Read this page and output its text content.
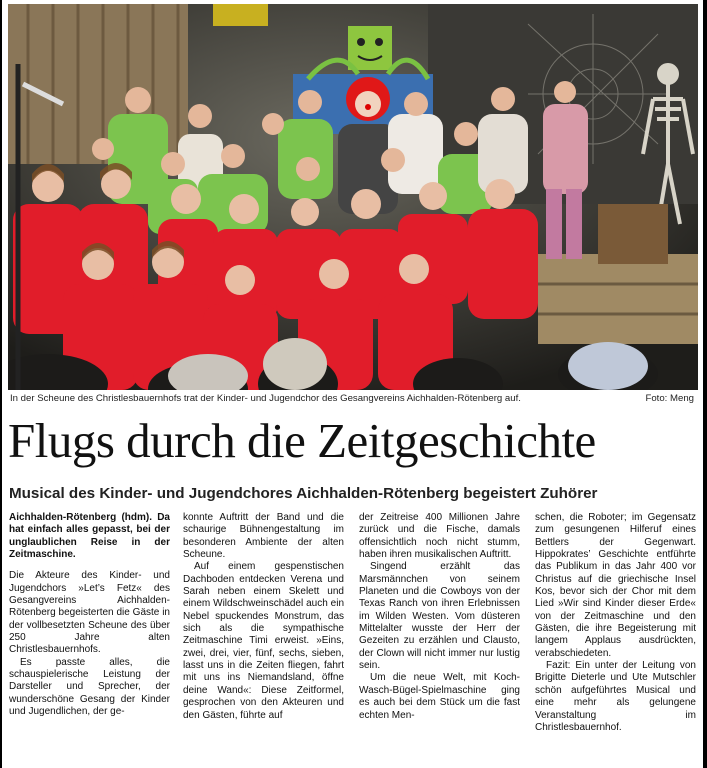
In der Scheune des Christlesbauernhofs trat der Kinder- und Jugendchor des Gesangvereins Aichhalden-Rötenberg auf.	Foto: Meng
Flugs durch die Zeitgeschichte
Musical des Kinder- und Jugendchores Aichhalden-Rötenberg begeistert Zuhörer

Aichhalden-Rötenberg (hdm). Da hat einfach alles gepasst, bei der unglaublichen Reise in der Zeitmaschine.

Die Akteure des Kinder- und Jugendchors »Let’s Fetz« des Gesangvereins Aichhalden-Rötenberg begeisterten die Gäste in der vollbesetzten Scheune des über 250 Jahre alten Christlesbauernhofs.

Es passte alles, die schauspielerische Leistung der Darsteller und Sprecher, der wunderschöne Gesang der Kinder und Jugendlichen, der ge-

konnte Auftritt der Band und die schaurige Bühnengestaltung im besonderen Ambiente der alten Scheune.

Auf einem gespenstischen Dachboden entdecken Verena und Sarah neben einem Skelett und einem Wildschweinschädel auch ein Nebel spuckendes Monstrum, das sich als die sympathische Zeitmaschine Timi erweist. »Eins, zwei, drei, vier, fünf, sechs, sieben, lasst uns in die Zeiten fliegen, fahrt mit uns ins Niemandsland, öffne deine Wand«: Diese Zeitformel, gesprochen von den Akteuren und den Gästen, führte auf

der Zeitreise 400 Millionen Jahre zurück und die Fische, damals offensichtlich noch nicht stumm, haben ihren musikalischen Auftritt.

Singend erzählt das Marsmännchen von seinem Planeten und die Cowboys von der Texas Ranch von ihren Erlebnissen im Wilden Westen. Vom düsteren Mittelalter wusste der Herr der Gezeiten zu erzählen und Clausto, der Clown will nicht immer nur lustig sein.

Um die neue Welt, mit Koch-Wasch-Bügel-Spielmaschine ging es auch bei dem Stück um die fast echten Men-

schen, die Roboter; im Gegensatz zum gesungenen Hilferuf eines Bettlers der Gegenwart. Hippokrates’ Geschichte entführte das Publikum in das Jahr 400 vor Christus auf die griechische Insel Kos, bevor sich der Chor mit dem Lied »Wir sind Kinder dieser Erde« von der Zeitmaschine und den Gästen, die ihre Begeisterung mit langem Applaus ausdrückten, verabschiedeten.

Fazit: Ein unter der Leitung von Brigitte Dieterle und Ute Mutschler schön aufgeführtes Musical und eine mehr als gelungene Veranstaltung im Christlesbauernhof.
